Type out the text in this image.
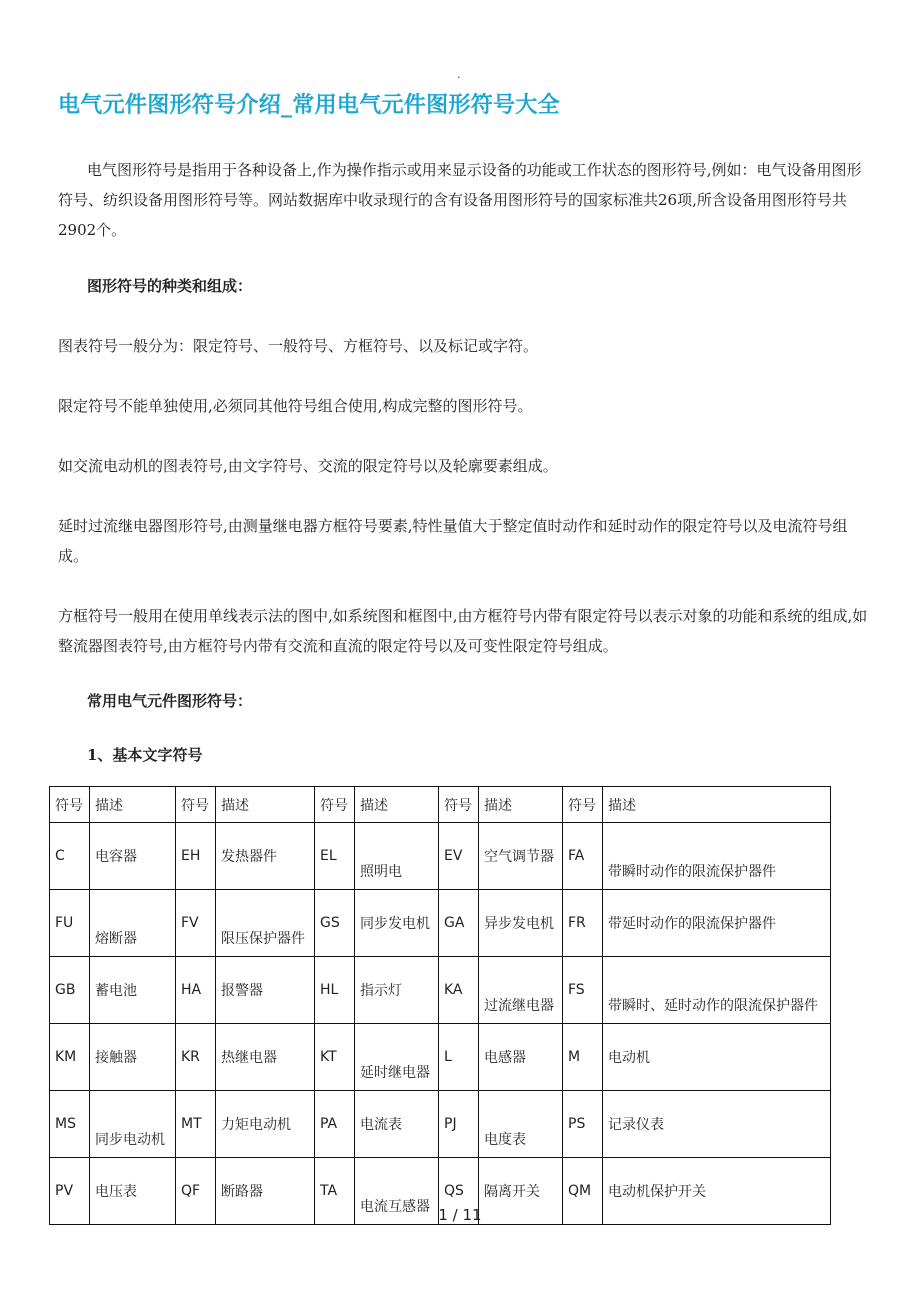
.
电气元件图形符号介绍_常用电气元件图形符号大全

电气图形符号是指用于各种设备上,作为操作指示或用来显示设备的功能或工作状态的图形符号,例如：电气设备用图形符号、纺织设备用图形符号等。网站数据库中收录现行的含有设备用图形符号的国家标准共26项,所含设备用图形符号共2902个。

图形符号的种类和组成：

图表符号一般分为：限定符号、一般符号、方框符号、以及标记或字符。

限定符号不能单独使用,必须同其他符号组合使用,构成完整的图形符号。

如交流电动机的图表符号,由文字符号、交流的限定符号以及轮廓要素组成。

延时过流继电器图形符号,由测量继电器方框符号要素,特性量值大于整定值时动作和延时动作的限定符号以及电流符号组成。

方框符号一般用在使用单线表示法的图中,如系统图和框图中,由方框符号内带有限定符号以表示对象的功能和系统的组成,如整流器图表符号,由方框符号内带有交流和直流的限定符号以及可变性限定符号组成。

常用电气元件图形符号：

1、基本文字符号

符号	描述	符号	描述	符号	描述	符号	描述	符号	描述
C	电容器	EH	发热器件	EL	照明电	EV	空气调节器	FA	带瞬时动作的限流保护器件
FU	熔断器	FV	限压保护器件	GS	同步发电机	GA	异步发电机	FR	带延时动作的限流保护器件
GB	蓄电池	HA	报警器	HL	指示灯	KA	过流继电器	FS	带瞬时、延时动作的限流保护器件
KM	接触器	KR	热继电器	KT	延时继电器	L	电感器	M	电动机
MS	同步电动机	MT	力矩电动机	PA	电流表	PJ	电度表	PS	记录仪表
PV	电压表	QF	断路器	TA	电流互感器	QS	隔离开关	QM	电动机保护开关
1 / 11
